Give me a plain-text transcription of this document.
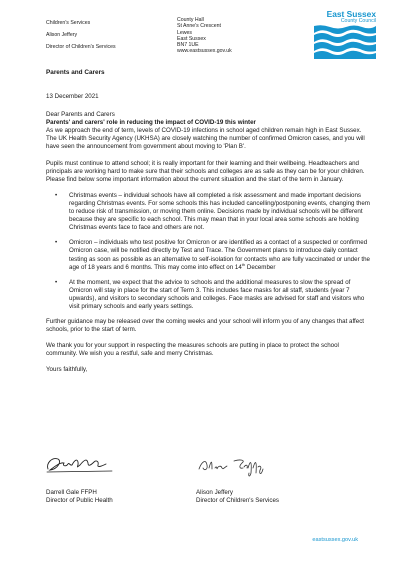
Children's Services
Alison Jeffery
Director of Children's Services
County Hall
St Anne's Crescent
Lewes
East Sussex
BN7 1UE
www.eastsussex.gov.uk
East Sussex
County Council
Parents and Carers

13 December 2021

Dear Parents and Carers

Parents' and carers' role in reducing the impact of COVID-19 this winter

As we approach the end of term, levels of COVID-19 infections in school aged children remain high in East Sussex. The UK Health Security Agency (UKHSA) are closely watching the number of confirmed Omicron cases, and you will have seen the announcement from government about moving to 'Plan B'.

Pupils must continue to attend school; it is really important for their learning and their wellbeing. Headteachers and principals are working hard to make sure that their schools and colleges are as safe as they can be for your children. Please find below some important information about the current situation and the start of the term in January.

• Christmas events – individual schools have all completed a risk assessment and made important decisions regarding Christmas events. For some schools this has included cancelling/postponing events, changing them to reduce risk of transmission, or moving them online. Decisions made by individual schools will be different because they are specific to each school. This may mean that in your local area some schools are holding Christmas events face to face and others are not.
• Omicron – individuals who test positive for Omicron or are identified as a contact of a suspected or confirmed Omicron case, will be notified directly by Test and Trace. The Government plans to introduce daily contact testing as soon as possible as an alternative to self-isolation for contacts who are fully vaccinated or under the age of 18 years and 6 months. This may come into effect on 14th December
• At the moment, we expect that the advice to schools and the additional measures to slow the spread of Omicron will stay in place for the start of Term 3. This includes face masks for all staff, students (year 7 upwards), and visitors to secondary schools and colleges. Face masks are advised for staff and visitors who visit primary schools and early years settings.

Further guidance may be released over the coming weeks and your school will inform you of any changes that affect schools, prior to the start of term.

We thank you for your support in respecting the measures schools are putting in place to protect the school community. We wish you a restful, safe and merry Christmas.

Yours faithfully,

Darrell Gale FFPH
Director of Public Health
Alison Jeffery
Director of Children's Services
eastsussex.gov.uk
